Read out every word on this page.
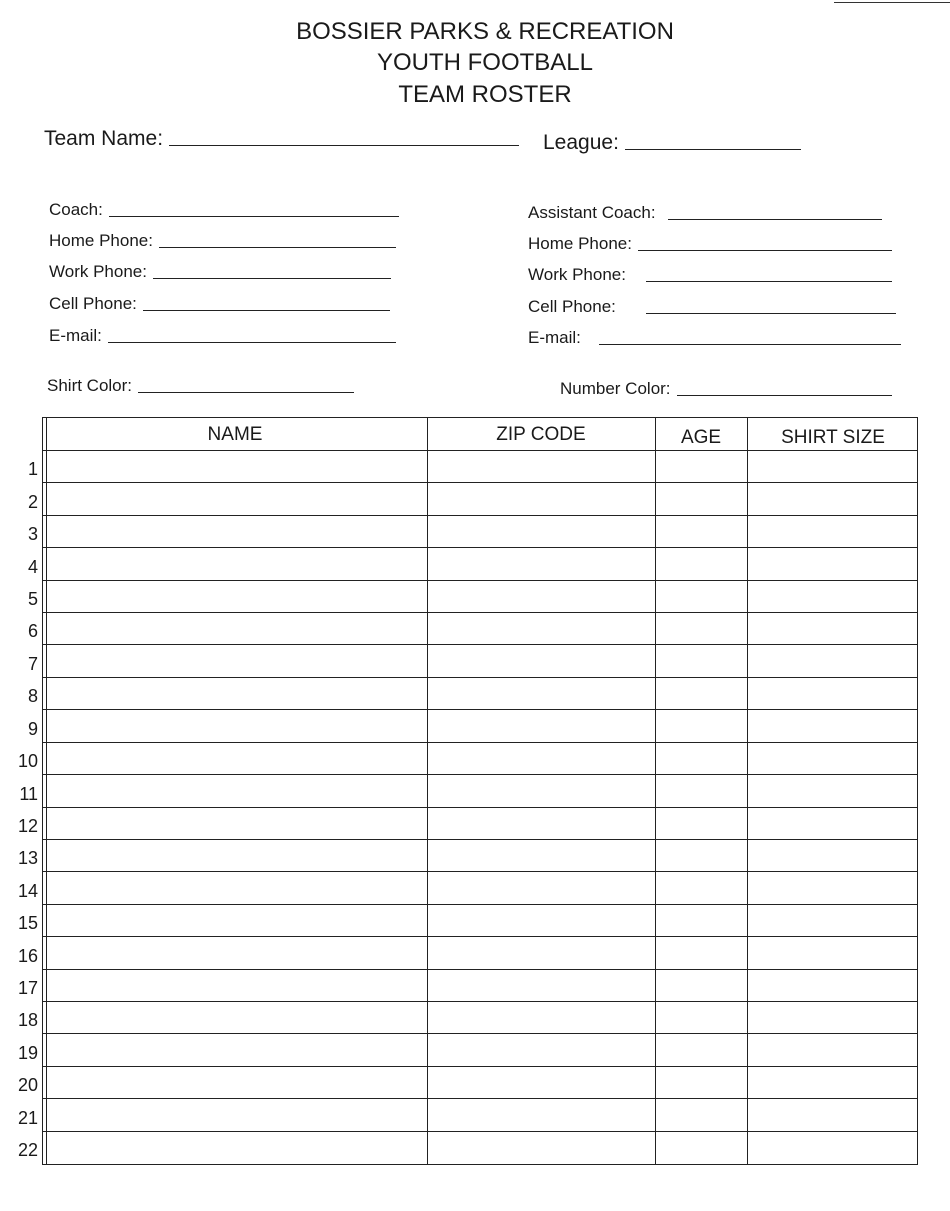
BOSSIER PARKS & RECREATION
YOUTH FOOTBALL
TEAM ROSTER
Team Name:	League:
Coach:
Home Phone:
Work Phone:
Cell Phone:
E-mail:
Assistant Coach:
Home Phone:
Work Phone:
Cell Phone:
E-mail:
Shirt Color:	Number Color:
NAME	ZIP CODE	AGE	SHIRT SIZE
1
2
3
4
5
6
7
8
9
10
11
12
13
14
15
16
17
18
19
20
21
22
